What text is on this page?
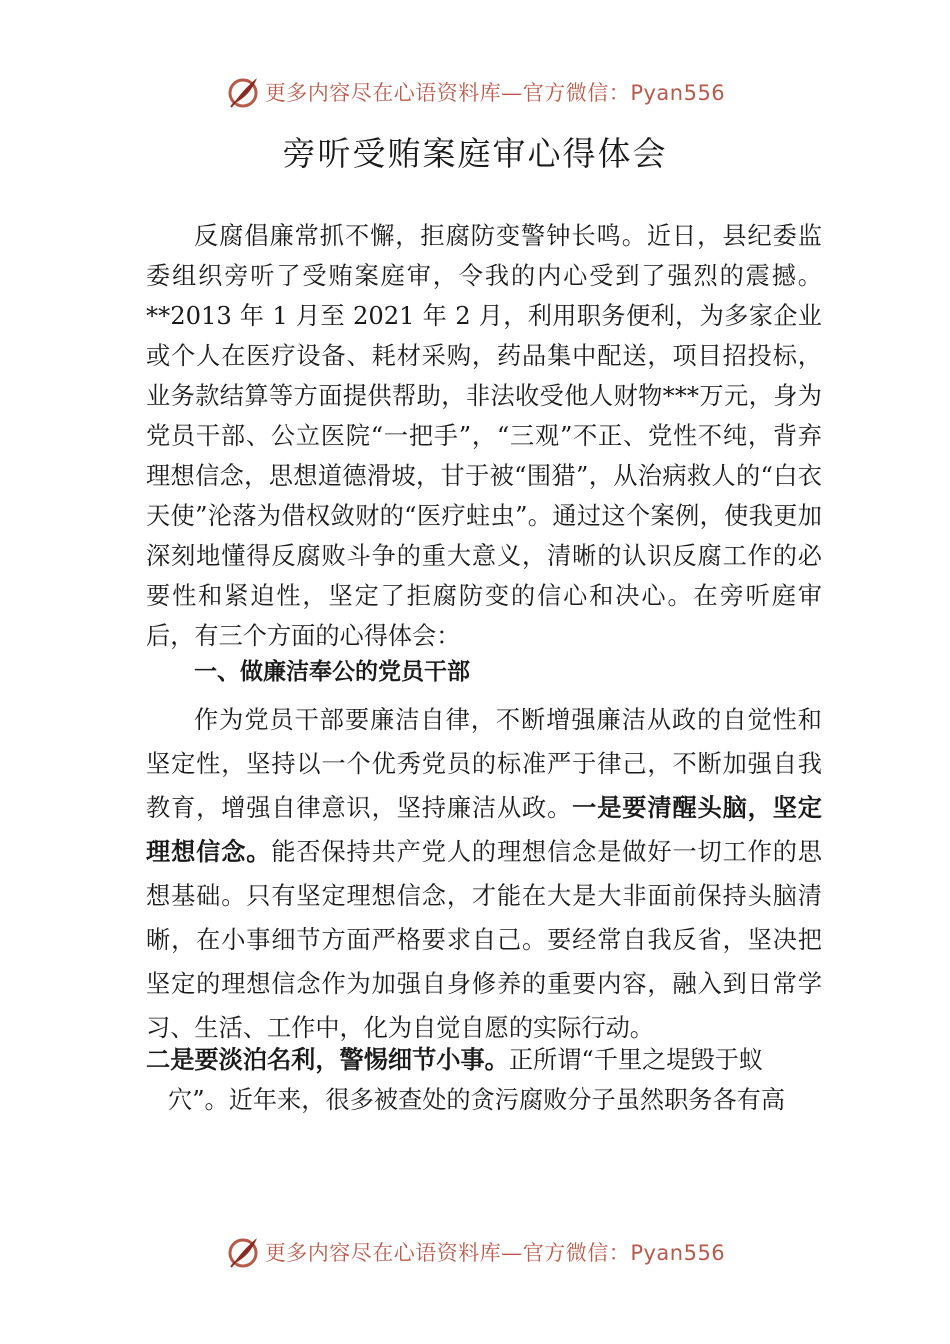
更多内容尽在心语资料库—官方微信：Pyan556
旁听受贿案庭审心得体会

反腐倡廉常抓不懈，拒腐防变警钟长鸣。近日，县纪委监委组织旁听了受贿案庭审，令我的内心受到了强烈的震撼。**2013 年 1 月至 2021 年 2 月，利用职务便利，为多家企业或个人在医疗设备、耗材采购，药品集中配送，项目招投标，业务款结算等方面提供帮助，非法收受他人财物***万元，身为党员干部、公立医院“一把手”，“三观”不正、党性不纯，背弃理想信念，思想道德滑坡，甘于被“围猎”，从治病救人的“白衣天使”沦落为借权敛财的“医疗蛀虫”。通过这个案例，使我更加深刻地懂得反腐败斗争的重大意义，清晰的认识反腐工作的必要性和紧迫性，坚定了拒腐防变的信心和决心。在旁听庭审后，有三个方面的心得体会：

一、做廉洁奉公的党员干部

作为党员干部要廉洁自律，不断增强廉洁从政的自觉性和坚定性，坚持以一个优秀党员的标准严于律己，不断加强自我教育，增强自律意识，坚持廉洁从政。一是要清醒头脑，坚定理想信念。能否保持共产党人的理想信念是做好一切工作的思想基础。只有坚定理想信念，才能在大是大非面前保持头脑清晰，在小事细节方面严格要求自己。要经常自我反省，坚决把坚定的理想信念作为加强自身修养的重要内容，融入到日常学习、生活、工作中，化为自觉自愿的实际行动。

二是要淡泊名利，警惕细节小事。正所谓“千里之堤毁于蚁
穴”。近年来，很多被查处的贪污腐败分子虽然职务各有高

更多内容尽在心语资料库—官方微信：Pyan556
